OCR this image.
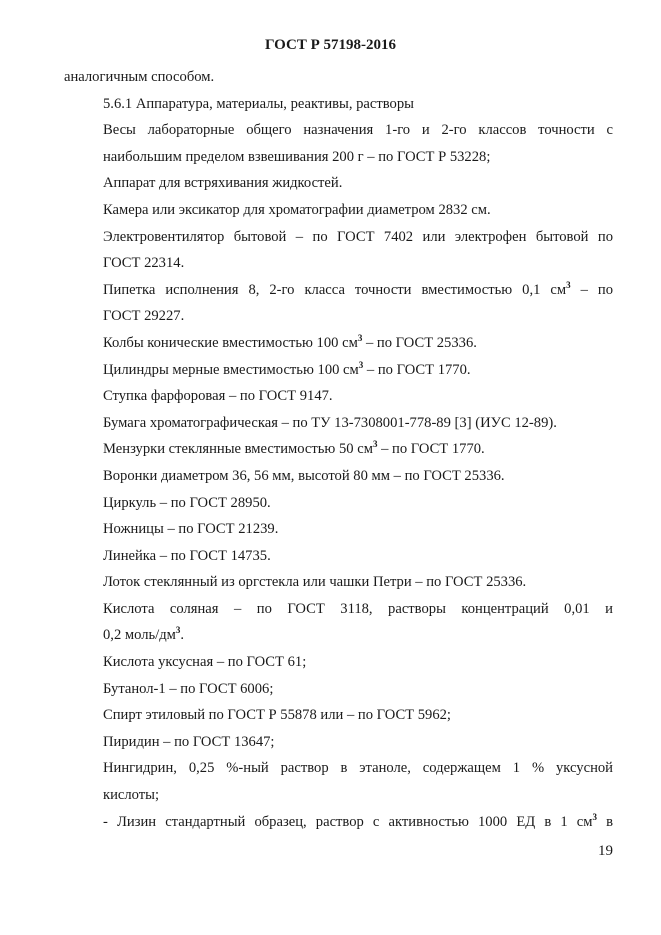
ГОСТ Р 57198-2016
аналогичным способом.
5.6.1 Аппаратура, материалы, реактивы, растворы
Весы лабораторные общего назначения 1-го и 2-го классов точности с
наибольшим пределом взвешивания 200 г – по ГОСТ Р 53228;
Аппарат для встряхивания жидкостей.
Камера или эксикатор для хроматографии диаметром 2832 см.
Электровентилятор бытовой – по ГОСТ 7402 или электрофен бытовой по
ГОСТ 22314.
Пипетка исполнения 8, 2-го класса точности вместимостью 0,1 $см^3$ – по
ГОСТ 29227.
Колбы конические вместимостью 100 $см^3$ – по ГОСТ 25336.
Цилиндры мерные вместимостью 100 $см^3$ – по ГОСТ 1770.
Ступка фарфоровая – по ГОСТ 9147.
Бумага хроматографическая – по ТУ 13-7308001-778-89 [3] (ИУС 12-89).
Мензурки стеклянные вместимостью 50 $см^3$ – по ГОСТ 1770.
Воронки диаметром 36, 56 мм, высотой 80 мм – по ГОСТ 25336.
Циркуль – по ГОСТ 28950.
Ножницы – по ГОСТ 21239.
Линейка – по ГОСТ 14735.
Лоток стеклянный из оргстекла или чашки Петри – по ГОСТ 25336.
Кислота соляная – по ГОСТ 3118, растворы концентраций 0,01 и
0,2 моль/$дм^3$.
Кислота уксусная – по ГОСТ 61;
Бутанол-1 – по ГОСТ 6006;
Спирт этиловый по ГОСТ Р 55878 или – по ГОСТ 5962;
Пиридин – по ГОСТ 13647;
Нингидрин, 0,25 %-ный раствор в этаноле, содержащем 1 % уксусной
кислоты;
- Лизин стандартный образец, раствор с активностью 1000 ЕД в 1 $см^3$ в
19
